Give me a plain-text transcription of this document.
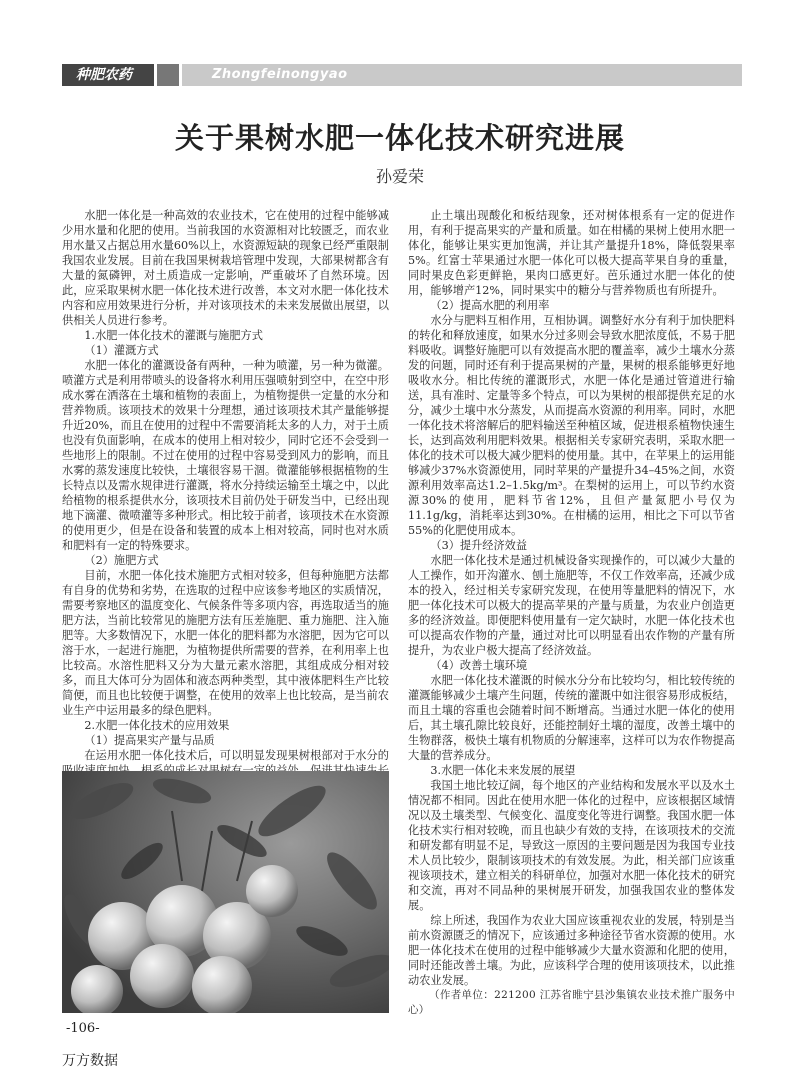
种肥农药	Zhongfeinongyao
关于果树水肥一体化技术研究进展
孙爱荣

水肥一体化是一种高效的农业技术，它在使用的过程中能够减少用水量和化肥的使用。当前我国的水资源相对比较匮乏，而农业用水量又占据总用水量60%以上，水资源短缺的现象已经严重限制我国农业发展。目前在我国果树栽培管理中发现，大部果树都含有大量的氮磷钾，对土质造成一定影响，严重破坏了自然环境。因此，应采取果树水肥一体化技术进行改善，本文对水肥一体化技术内容和应用效果进行分析，并对该项技术的未来发展做出展望，以供相关人员进行参考。

1.水肥一体化技术的灌溉与施肥方式

（1）灌溉方式

水肥一体化的灌溉设备有两种，一种为喷灌，另一种为微灌。喷灌方式是利用带喷头的设备将水利用压强喷射到空中，在空中形成水雾在洒落在土壤和植物的表面上，为植物提供一定量的水分和营养物质。该项技术的效果十分理想，通过该项技术其产量能够提升近20%，而且在使用的过程中不需要消耗太多的人力，对于土质也没有负面影响，在成本的使用上相对较少，同时它还不会受到一些地形上的限制。不过在使用的过程中容易受到风力的影响，而且水雾的蒸发速度比较快，土壤很容易干涸。微灌能够根据植物的生长特点以及需水规律进行灌溉，将水分持续运输至土壤之中，以此给植物的根系提供水分，该项技术目前仍处于研发当中，已经出现地下滴灌、微喷灌等多种形式。相比较于前者，该项技术在水资源的使用更少，但是在设备和装置的成本上相对较高，同时也对水质和肥料有一定的特殊要求。

（2）施肥方式

目前，水肥一体化技术施肥方式相对较多，但每种施肥方法都有自身的优势和劣势，在选取的过程中应该参考地区的实质情况，需要考察地区的温度变化、气候条件等多项内容，再选取适当的施肥方法，当前比较常见的施肥方法有压差施肥、重力施肥、注入施肥等。大多数情况下，水肥一体化的肥料都为水溶肥，因为它可以溶于水，一起进行施肥，为植物提供所需要的营养，在利用率上也比较高。水溶性肥料又分为大量元素水溶肥，其组成成分相对较多，而且大体可分为固体和液态两种类型，其中液体肥料生产比较简便，而且也比较便于调整，在使用的效率上也比较高，是当前农业生产中运用最多的绿色肥料。

2.水肥一体化技术的应用效果

（1）提高果实产量与品质

在运用水肥一体化技术后，可以明显发现果树根部对于水分的

止土壤出现酸化和板结现象，还对树体根系有一定的促进作用，有利于提高果实的产量和质量。如在柑橘的果树上使用水肥一体化，能够让果实更加饱满，并让其产量提升18%，降低裂果率5%。红富士苹果通过水肥一体化可以极大提高苹果自身的重量，同时果皮色彩更鲜艳，果肉口感更好。芭乐通过水肥一体化的使用，能够增产12%，同时果实中的糖分与营养物质也有所提升。

（2）提高水肥的利用率

水分与肥料互相作用，互相协调。调整好水分有利于加快肥料的转化和释放速度，如果水分过多则会导致水肥浓度低，不易于肥料吸收。调整好施肥可以有效提高水肥的覆盖率，减少土壤水分蒸发的问题，同时还有利于提高果树的产量，果树的根系能够更好地吸收水分。相比传统的灌溉形式，水肥一体化是通过管道进行输送，具有准时、定量等多个特点，可以为果树的根部提供充足的水分，减少土壤中水分蒸发，从而提高水资源的利用率。同时，水肥一体化技术将溶解后的肥料输送至种植区域，促进根系植物快速生长，达到高效利用肥料效果。根据相关专家研究表明，采取水肥一体化的技术可以极大减少肥料的使用量。其中，在苹果上的运用能够减少37%水资源使用，同时苹果的产量提升34–45%之间，水资源利用效率高达1.2–1.5kg/m³。在梨树的运用上，可以节约水资源30%的使用，肥料节省12%，且但产量氮肥小号仅为11.1g/kg，消耗率达到30%。在柑橘的运用，相比之下可以节省55%的化肥使用成本。

（3）提升经济效益

水肥一体化技术是通过机械设备实现操作的，可以减少大量的人工操作，如开沟灌水、刨土施肥等，不仅工作效率高，还减少成本的投入，经过相关专家研究发现，在使用等量肥料的情况下，水肥一体化技术可以极大的提高苹果的产量与质量，为农业户创造更多的经济效益。即便肥料使用量有一定欠缺时，水肥一体化技术也可以提高农作物的产量，通过对比可以明显看出农作物的产量有所提升，为农业户极大提高了经济效益。

（4）改善土壤环境

水肥一体化技术灌溉的时候水分分布比较均匀，相比较传统的灌溉能够减少土壤产生问题，传统的灌溉中如注很容易形成板结，而且土壤的容重也会随着时间不断增高。当通过水肥一体化的使用后，其土壤孔隙比较良好，还能控制好土壤的湿度，改善土壤中的生物群落，极快土壤有机物质的分解速率，这样可以为农作物提高大量的营养成分。

3.水肥一体化未来发展的展望

我国土地比较辽阔，每个地区的产业结构和发展水平以及水土情况都不相同。因此在使用水肥一体化的过程中，应该根据区域情况以及土壤类型、气候变化、温度变化等进行调整。我国水肥一体化技术实行相对较晚，而且也缺少有效的支持，在该项技术的交流和研发都有明显不足，导致这一原因的主要问题是因为我国专业技术人员比较少，限制该项技术的有效发展。为此，相关部门应该重视该项技术，建立相关的科研单位，加强对水肥一体化技术的研究和交流，再对不同品种的果树展开研发，加强我国农业的整体发展。

综上所述，我国作为农业大国应该重视农业的发展，特别是当前水资源匮乏的情况下，应该通过多种途径节省水资源的使用。水肥一体化技术在使用的过程中能够减少大量水资源和化肥的使用，同时还能改善土壤。为此，应该科学合理的使用该项技术，以此推动农业发展。

（作者单位：221200 江苏省睢宁县沙集镇农业技术推广服务中心）

-106-
万方数据
